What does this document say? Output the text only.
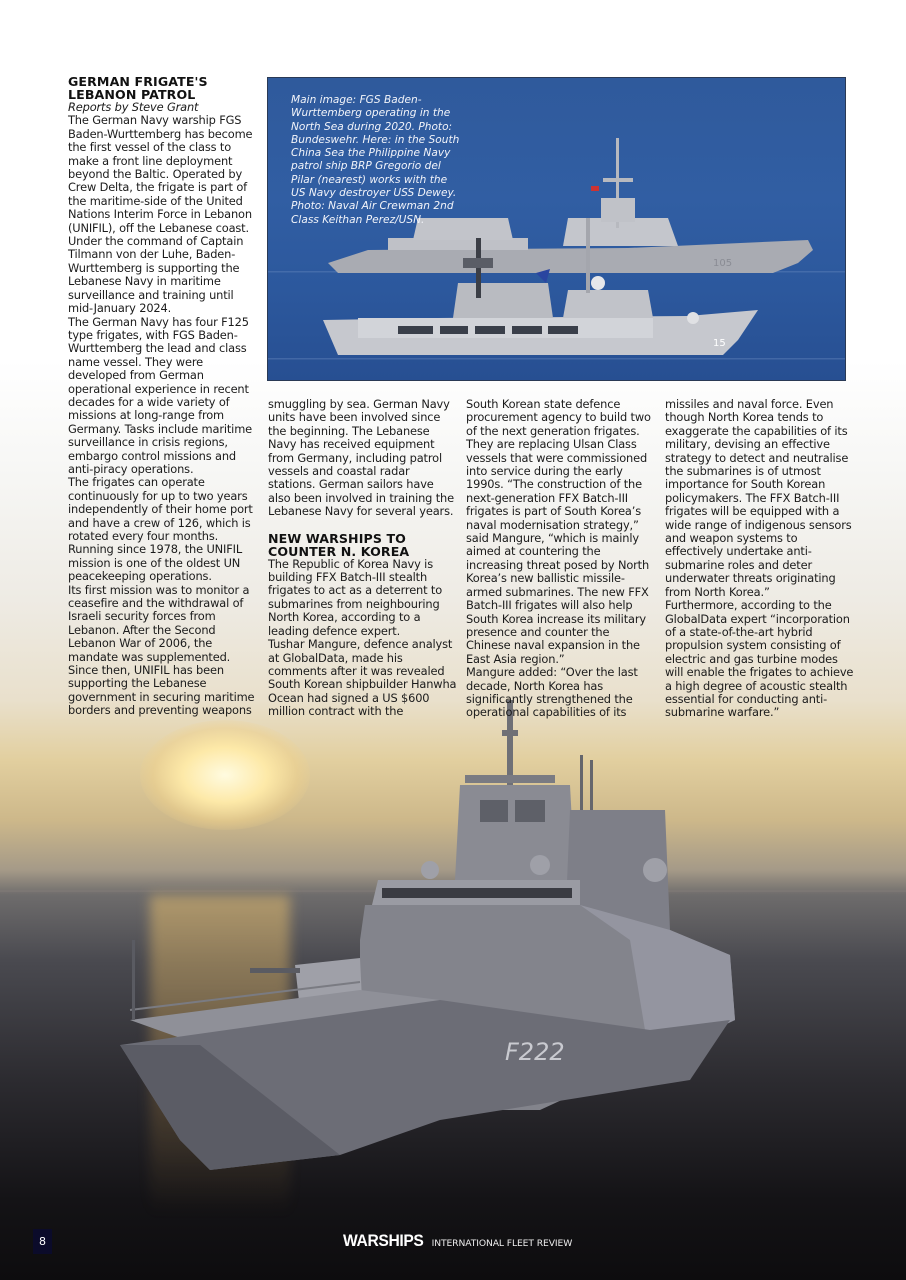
F222
105
15
Main image: FGS Baden-Wurttemberg operating in the North Sea during 2020. Photo: Bundeswehr. Here: in the South China Sea the Philippine Navy patrol ship BRP Gregorio del Pilar (nearest) works with the US Navy destroyer USS Dewey. Photo: Naval Air Crewman 2nd Class Keithan Perez/USN.
GERMAN FRIGATE'S
LEBANON PATROL

Reports by Steve Grant

The German Navy warship FGS Baden-Wurttemberg has become the first vessel of the class to make a front line deployment beyond the Baltic. Operated by Crew Delta, the frigate is part of the maritime-side of the United Nations Interim Force in Lebanon (UNIFIL), off the Lebanese coast. Under the command of Captain Tilmann von der Luhe, Baden-Wurttemberg is supporting the Lebanese Navy in maritime surveillance and training until mid-January 2024.

The German Navy has four F125 type frigates, with FGS Baden-Wurttemberg the lead and class name vessel. They were developed from German operational experience in recent decades for a wide variety of missions at long-range from Germany. Tasks include maritime surveillance in crisis regions, embargo control missions and anti-piracy operations.

The frigates can operate continuously for up to two years independently of their home port and have a crew of 126, which is rotated every four months.

Running since 1978, the UNIFIL mission is one of the oldest UN peacekeeping operations.

Its first mission was to monitor a ceasefire and the withdrawal of Israeli security forces from Lebanon. After the Second Lebanon War of 2006, the mandate was supplemented.

Since then, UNIFIL has been supporting the Lebanese government in securing maritime borders and preventing weapons

smuggling by sea. German Navy units have been involved since the beginning. The Lebanese Navy has received equipment from Germany, including patrol vessels and coastal radar stations. German sailors have also been involved in training the Lebanese Navy for several years.

NEW WARSHIPS TO
COUNTER N. KOREA

The Republic of Korea Navy is building FFX Batch-III stealth frigates to act as a deterrent to submarines from neighbouring North Korea, according to a leading defence expert.

Tushar Mangure, defence analyst at GlobalData, made his comments after it was revealed South Korean shipbuilder Hanwha Ocean had signed a US $600 million contract with the

South Korean state defence procurement agency to build two of the next generation frigates. They are replacing Ulsan Class vessels that were commissioned into service during the early 1990s. “The construction of the next-generation FFX Batch-III frigates is part of South Korea’s naval modernisation strategy,” said Mangure, “which is mainly aimed at countering the increasing threat posed by North Korea’s new ballistic missile-armed submarines. The new FFX Batch-III frigates will also help South Korea increase its military presence and counter the Chinese naval expansion in the East Asia region.”

Mangure added: “Over the last decade, North Korea has significantly strengthened the operational capabilities of its

missiles and naval force. Even though North Korea tends to exaggerate the capabilities of its military, devising an effective strategy to detect and neutralise the submarines is of utmost importance for South Korean policymakers. The FFX Batch-III frigates will be equipped with a wide range of indigenous sensors and weapon systems to effectively undertake anti-submarine roles and deter underwater threats originating from North Korea.”

Furthermore, according to the GlobalData expert “incorporation of a state-of-the-art hybrid propulsion system consisting of electric and gas turbine modes will enable the frigates to achieve a high degree of acoustic stealth essential for conducting anti-submarine warfare.”

8	WARSHIPS INTERNATIONAL FLEET REVIEW
